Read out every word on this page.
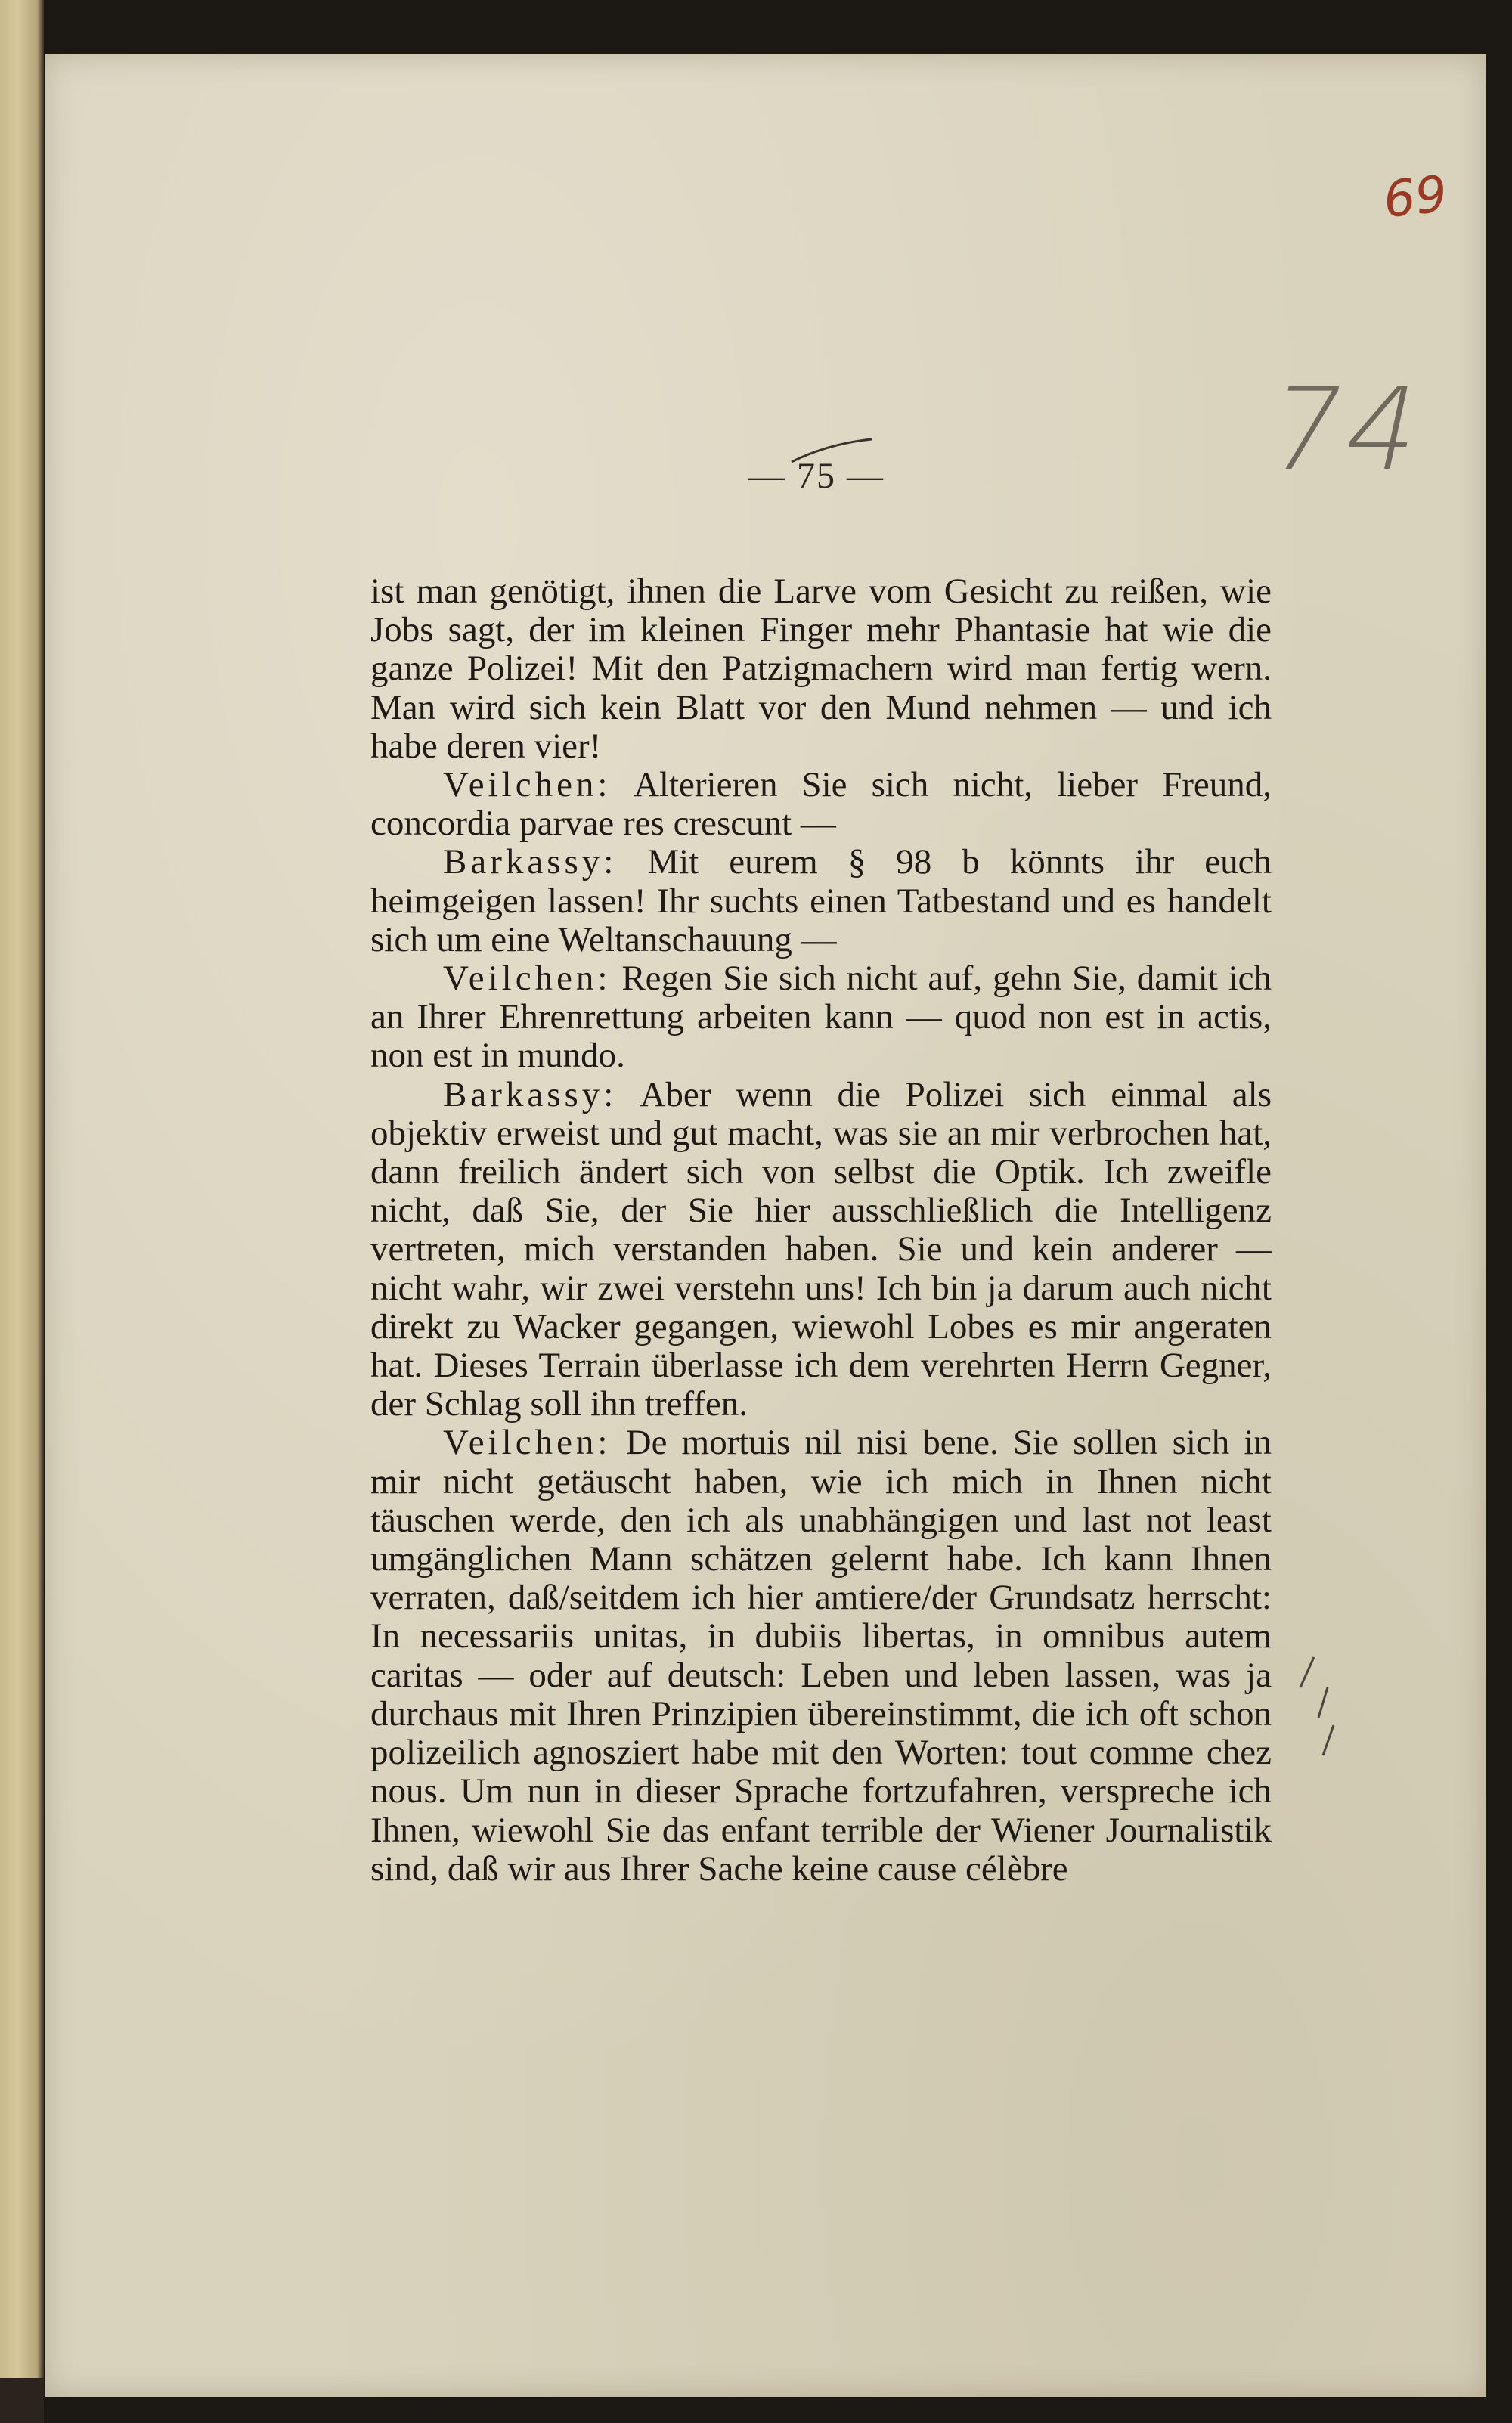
69
74
— 75 —

ist man genötigt, ihnen die Larve vom Gesicht zu reißen, wie Jobs sagt, der im kleinen Finger mehr Phantasie hat wie die ganze Polizei! Mit den Patzigmachern wird man fertig wern. Man wird sich kein Blatt vor den Mund nehmen — und ich habe deren vier!

Veilchen: Alterieren Sie sich nicht, lieber Freund, concordia parvae res crescunt —

Barkassy: Mit eurem § 98 b könnts ihr euch heimgeigen lassen! Ihr suchts einen Tatbestand und es handelt sich um eine Weltanschauung —

Veilchen: Regen Sie sich nicht auf, gehn Sie, damit ich an Ihrer Ehrenrettung arbeiten kann — quod non est in actis, non est in mundo.

Barkassy: Aber wenn die Polizei sich einmal als objektiv erweist und gut macht, was sie an mir verbrochen hat, dann freilich ändert sich von selbst die Optik. Ich zweifle nicht, daß Sie, der Sie hier ausschließlich die Intelligenz vertreten, mich verstanden haben. Sie und kein anderer — nicht wahr, wir zwei verstehn uns! Ich bin ja darum auch nicht direkt zu Wacker gegangen, wiewohl Lobes es mir angeraten hat. Dieses Terrain überlasse ich dem verehrten Herrn Gegner, der Schlag soll ihn treffen.

Veilchen: De mortuis nil nisi bene. Sie sollen sich in mir nicht getäuscht haben, wie ich mich in Ihnen nicht täuschen werde, den ich als unabhängigen und last not least umgänglichen Mann schätzen gelernt habe. Ich kann Ihnen verraten, daß/seitdem ich hier amtiere/der Grundsatz herrscht: In necessariis unitas, in dubiis libertas, in omnibus autem caritas — oder auf deutsch: Leben und leben lassen, was ja durchaus mit Ihren Prinzipien übereinstimmt, die ich oft schon polizeilich agnosziert habe mit den Worten: tout comme chez nous. Um nun in dieser Sprache fortzufahren, verspreche ich Ihnen, wiewohl Sie das enfant terrible der Wiener Journalistik sind, daß wir aus Ihrer Sache keine cause célèbre
